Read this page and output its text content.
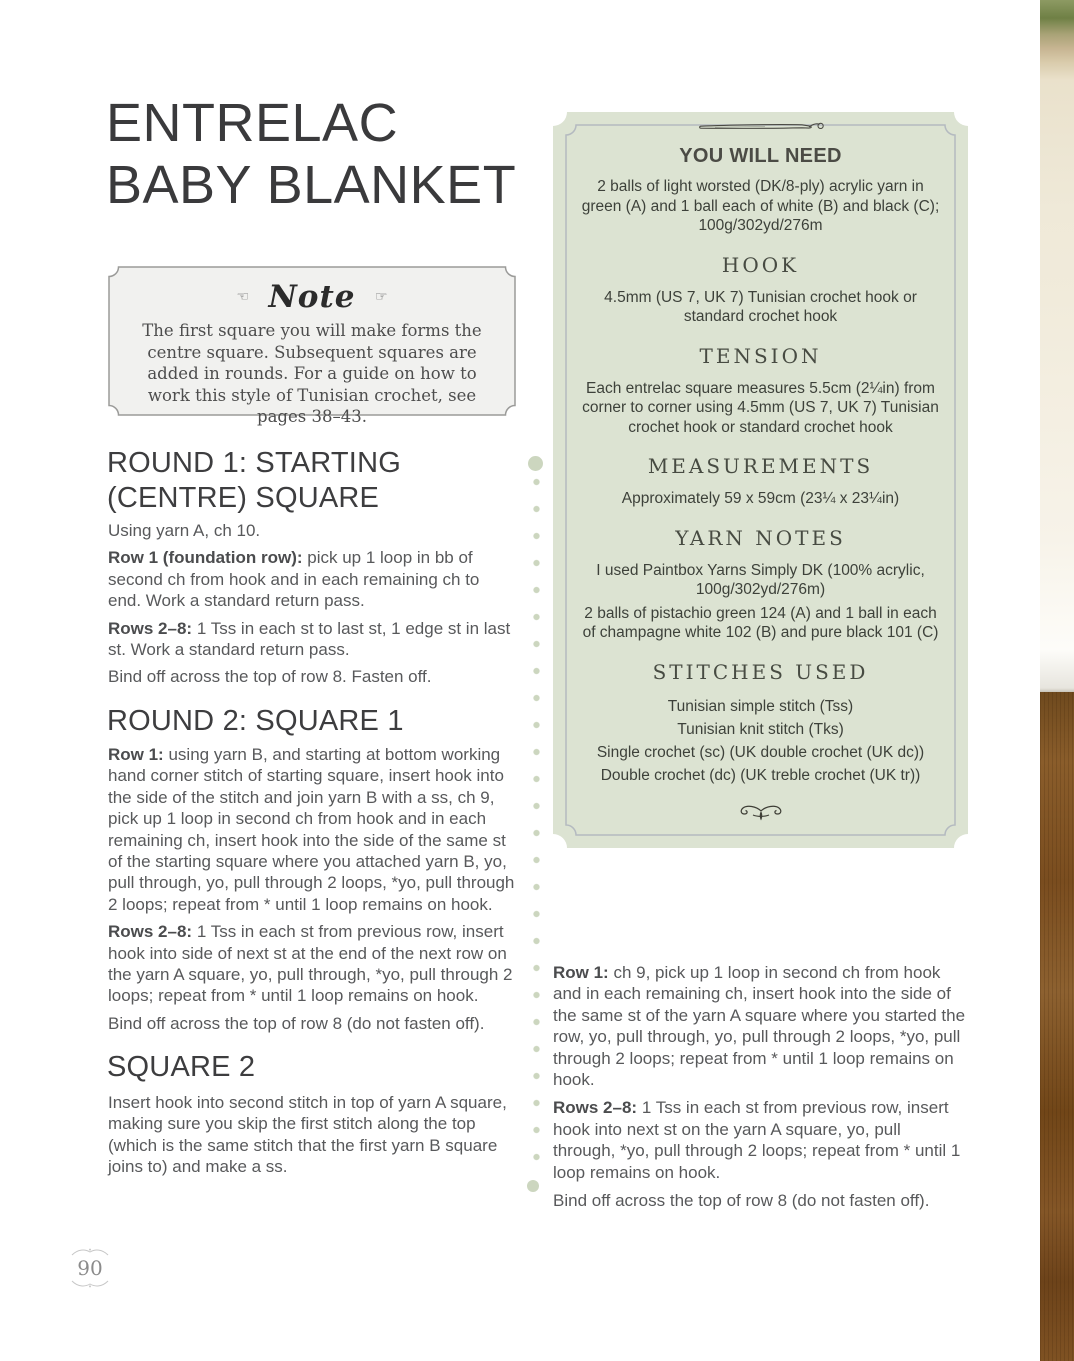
ENTRELAC
BABY BLANKET
☜ Note ☞
The first square you will make forms the centre square. Subsequent squares are added in rounds. For a guide on how to work this style of Tunisian crochet, see pages 38–43.
ROUND 1: STARTING (CENTRE) SQUARE

Using yarn A, ch 10.

Row 1 (foundation row): pick up 1 loop in bb of second ch from hook and in each remaining ch to end. Work a standard return pass.

Rows 2–8: 1 Tss in each st to last st, 1 edge st in last st. Work a standard return pass.

Bind off across the top of row 8. Fasten off.

ROUND 2: SQUARE 1

Row 1: using yarn B, and starting at bottom working hand corner stitch of starting square, insert hook into the side of the stitch and join yarn B with a ss, ch 9, pick up 1 loop in second ch from hook and in each remaining ch, insert hook into the side of the same st of the starting square where you attached yarn B, yo, pull through, yo, pull through 2 loops, *yo, pull through 2 loops; repeat from * until 1 loop remains on hook.

Rows 2–8: 1 Tss in each st from previous row, insert hook into side of next st at the end of the next row on the yarn A square, yo, pull through, *yo, pull through 2 loops; repeat from * until 1 loop remains on hook.

Bind off across the top of row 8 (do not fasten off).

SQUARE 2

Insert hook into second stitch in top of yarn A square, making sure you skip the first stitch along the top (which is the same stitch that the first yarn B square joins to) and make a ss.

YOU WILL NEED
2 balls of light worsted (DK/8-ply) acrylic yarn in green (A) and 1 ball each of white (B) and black (C); 100g/302yd/276m
HOOK
4.5mm (US 7, UK 7) Tunisian crochet hook or standard crochet hook
TENSION
Each entrelac square measures 5.5cm (2¼in) from corner to corner using 4.5mm (US 7, UK 7) Tunisian crochet hook or standard crochet hook
MEASUREMENTS
Approximately 59 x 59cm (23¼ x 23¼in)
YARN NOTES
I used Paintbox Yarns Simply DK (100% acrylic, 100g/302yd/276m)
2 balls of pistachio green 124 (A) and 1 ball in each of champagne white 102 (B) and pure black 101 (C)
STITCHES USED
Tunisian simple stitch (Tss)
Tunisian knit stitch (Tks)
Single crochet (sc) (UK double crochet (UK dc))
Double crochet (dc) (UK treble crochet (UK tr))

Row 1: ch 9, pick up 1 loop in second ch from hook and in each remaining ch, insert hook into the side of the same st of the yarn A square where you started the row, yo, pull through, yo, pull through 2 loops, *yo, pull through 2 loops; repeat from * until 1 loop remains on hook.

Rows 2–8: 1 Tss in each st from previous row, insert hook into next st on the yarn A square, yo, pull through, *yo, pull through 2 loops; repeat from * until 1 loop remains on hook.

Bind off across the top of row 8 (do not fasten off).

90
